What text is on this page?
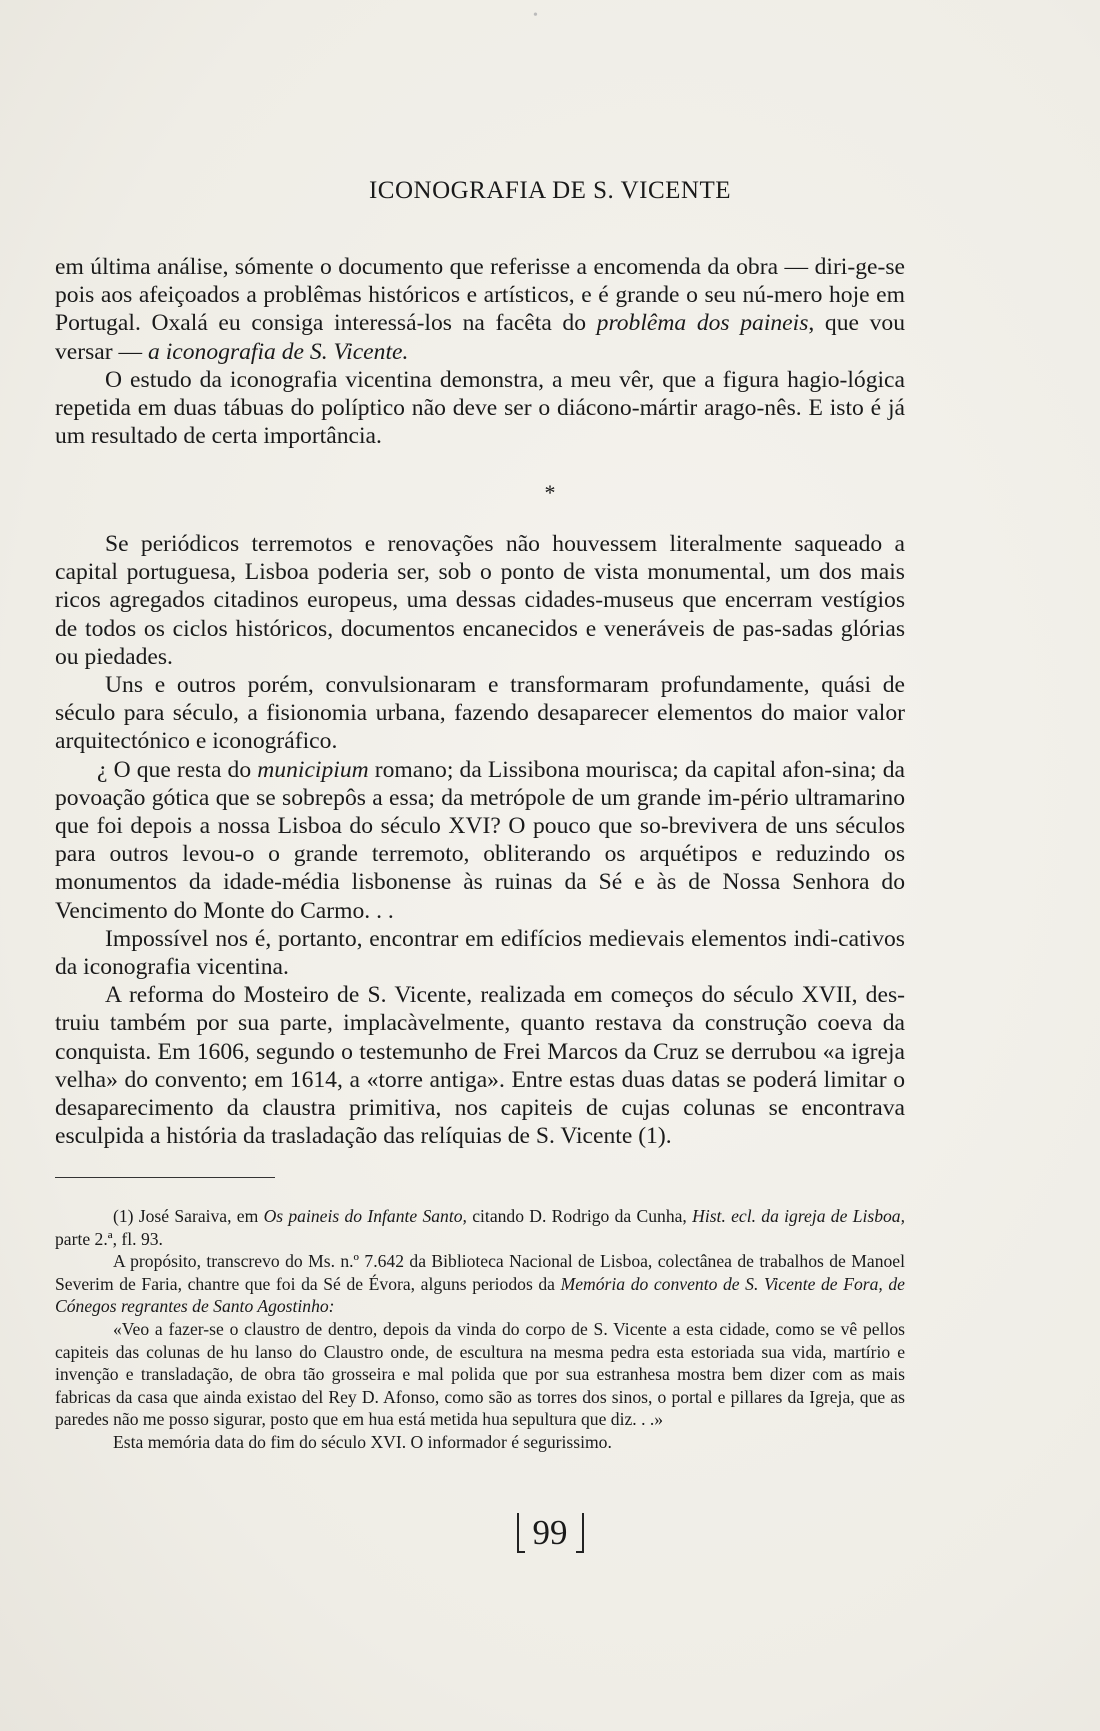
•
ICONOGRAFIA DE S. VICENTE

em última análise, sómente o documento que referisse a encomenda da obra — diri-ge-se pois aos afeiçoados a problêmas históricos e artísticos, e é grande o seu nú-mero hoje em Portugal. Oxalá eu consiga interessá-los na facêta do problêma dos paineis, que vou versar — a iconografia de S. Vicente.

O estudo da iconografia vicentina demonstra, a meu vêr, que a figura hagio-lógica repetida em duas tábuas do políptico não deve ser o diácono-mártir arago-nês. E isto é já um resultado de certa importância.

*

Se periódicos terremotos e renovações não houvessem literalmente saqueado a capital portuguesa, Lisboa poderia ser, sob o ponto de vista monumental, um dos mais ricos agregados citadinos europeus, uma dessas cidades-museus que encerram vestígios de todos os ciclos históricos, documentos encanecidos e veneráveis de pas-sadas glórias ou piedades.

Uns e outros porém, convulsionaram e transformaram profundamente, quási de século para século, a fisionomia urbana, fazendo desaparecer elementos do maior valor arquitectónico e iconográfico.

¿ O que resta do municipium romano; da Lissibona mourisca; da capital afon-sina; da povoação gótica que se sobrepôs a essa; da metrópole de um grande im-pério ultramarino que foi depois a nossa Lisboa do século XVI? O pouco que so-brevivera de uns séculos para outros levou-o o grande terremoto, obliterando os arquétipos e reduzindo os monumentos da idade-média lisbonense às ruinas da Sé e às de Nossa Senhora do Vencimento do Monte do Carmo. . .

Impossível nos é, portanto, encontrar em edifícios medievais elementos indi-cativos da iconografia vicentina.

A reforma do Mosteiro de S. Vicente, realizada em começos do século XVII, des-truiu também por sua parte, implacàvelmente, quanto restava da construção coeva da conquista. Em 1606, segundo o testemunho de Frei Marcos da Cruz se derrubou «a igreja velha» do convento; em 1614, a «torre antiga». Entre estas duas datas se poderá limitar o desaparecimento da claustra primitiva, nos capiteis de cujas colunas se encontrava esculpida a história da trasladação das relíquias de S. Vicente (1).

(1) José Saraiva, em Os paineis do Infante Santo, citando D. Rodrigo da Cunha, Hist. ecl. da igreja de Lisboa, parte 2.ª, fl. 93.

A propósito, transcrevo do Ms. n.º 7.642 da Biblioteca Nacional de Lisboa, colectânea de trabalhos de Manoel Severim de Faria, chantre que foi da Sé de Évora, alguns periodos da Memória do convento de S. Vicente de Fora, de Cónegos regrantes de Santo Agostinho:

«Veo a fazer-se o claustro de dentro, depois da vinda do corpo de S. Vicente a esta cidade, como se vê pellos capiteis das colunas de hu lanso do Claustro onde, de escultura na mesma pedra esta estoriada sua vida, martírio e invenção e transladação, de obra tão grosseira e mal polida que por sua estranhesa mostra bem dizer com as mais fabricas da casa que ainda existao del Rey D. Afonso, como são as torres dos sinos, o portal e pillares da Igreja, que as paredes não me posso sigurar, posto que em hua está metida hua sepultura que diz. . .»

Esta memória data do fim do século XVI. O informador é segurissimo.

99
